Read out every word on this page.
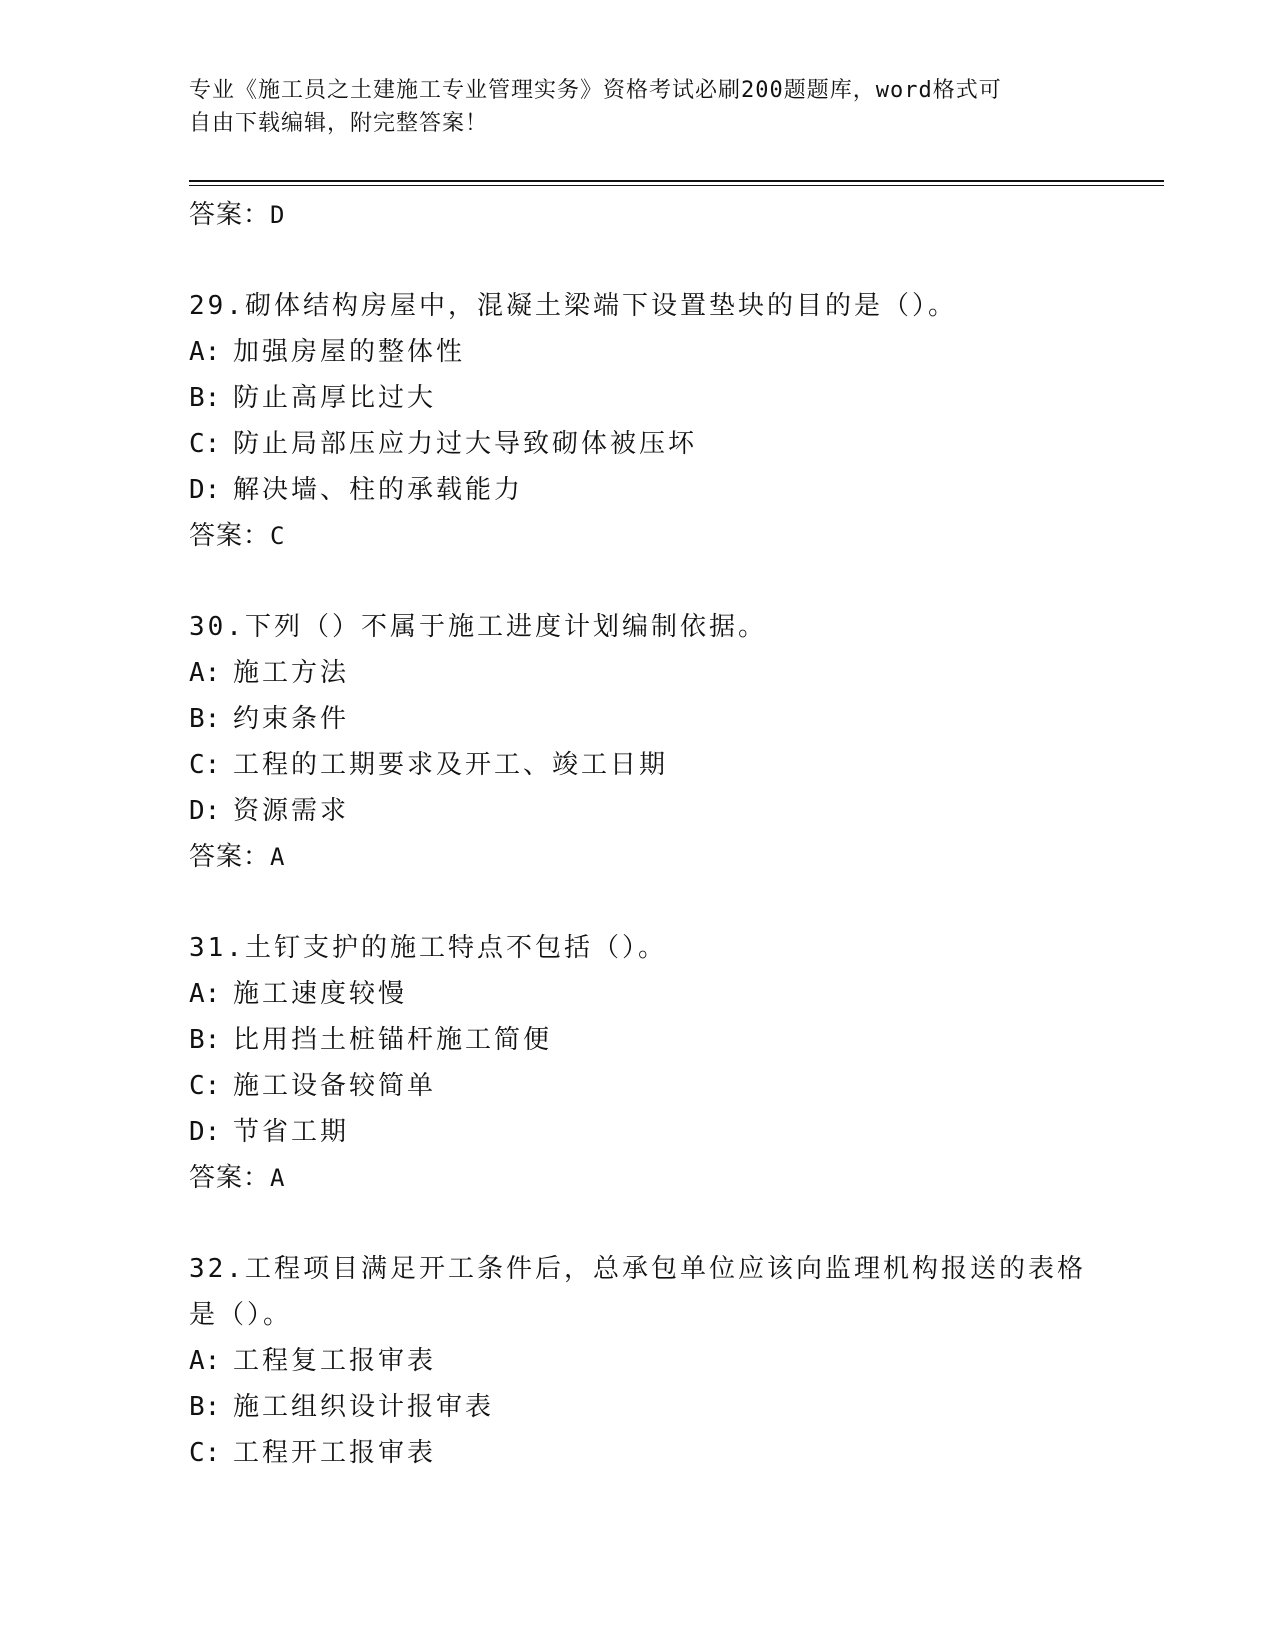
专业《施工员之土建施工专业管理实务》资格考试必刷200题题库，word格式可
自由下载编辑，附完整答案！
答案：D
29.砌体结构房屋中，混凝土梁端下设置垫块的目的是（）。
A: 加强房屋的整体性
B: 防止高厚比过大
C: 防止局部压应力过大导致砌体被压坏
D: 解决墙、柱的承载能力
答案：C
30.下列（）不属于施工进度计划编制依据。
A: 施工方法
B: 约束条件
C: 工程的工期要求及开工、竣工日期
D: 资源需求
答案：A
31.土钉支护的施工特点不包括（）。
A: 施工速度较慢
B: 比用挡土桩锚杆施工简便
C: 施工设备较简单
D: 节省工期
答案：A
32.工程项目满足开工条件后，总承包单位应该向监理机构报送的表格
是（）。
A: 工程复工报审表
B: 施工组织设计报审表
C: 工程开工报审表
